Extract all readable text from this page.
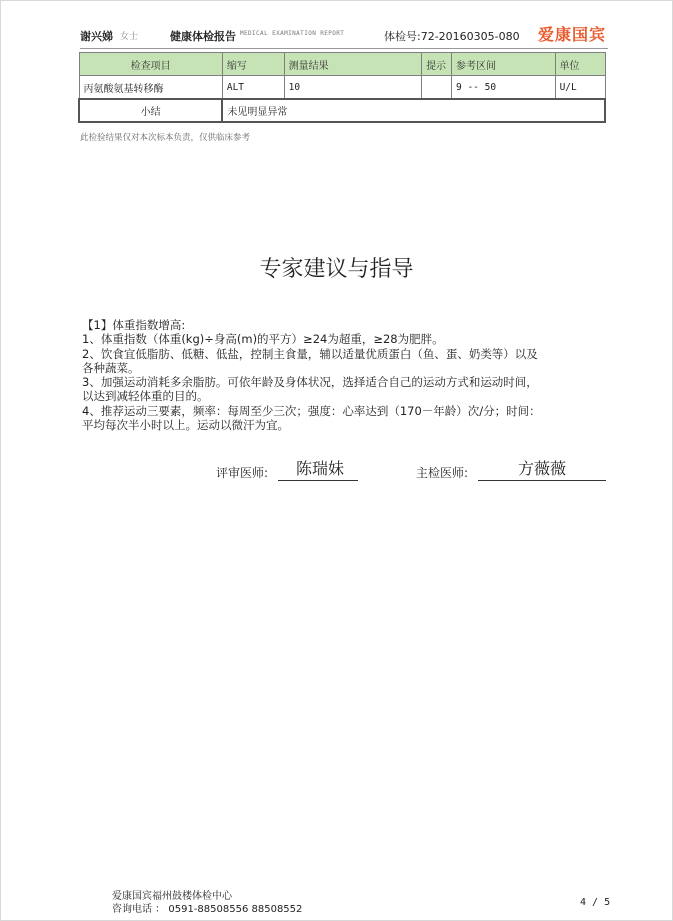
谢兴娣 女士	健康体检报告 MEDICAL EXAMINATION REPORT	体检号:72-20160305-080 爱康国宾
检查项目	缩写	测量结果	提示	参考区间	单位
丙氨酸氨基转移酶	ALT	10		9 -- 50	U/L
小结	未见明显异常				
此检验结果仅对本次标本负责，仅供临床参考
专家建议与指导
【1】体重指数增高:
1、体重指数（体重(kg)÷身高(m)的平方）≥24为超重，≥28为肥胖。
2、饮食宜低脂肪、低糖、低盐，控制主食量，辅以适量优质蛋白（鱼、蛋、奶类等）以及
各种蔬菜。
3、加强运动消耗多余脂肪。可依年龄及身体状况，选择适合自己的运动方式和运动时间，
以达到减轻体重的目的。
4、推荐运动三要素，频率：每周至少三次；强度：心率达到（170－年龄）次/分；时间：
平均每次半小时以上。运动以微汗为宜。
评审医师: 陈瑞妹	主检医师:	方薇薇
爱康国宾福州鼓楼体检中心
咨询电话 ： 0591-88508556 88508552
4 / 5
